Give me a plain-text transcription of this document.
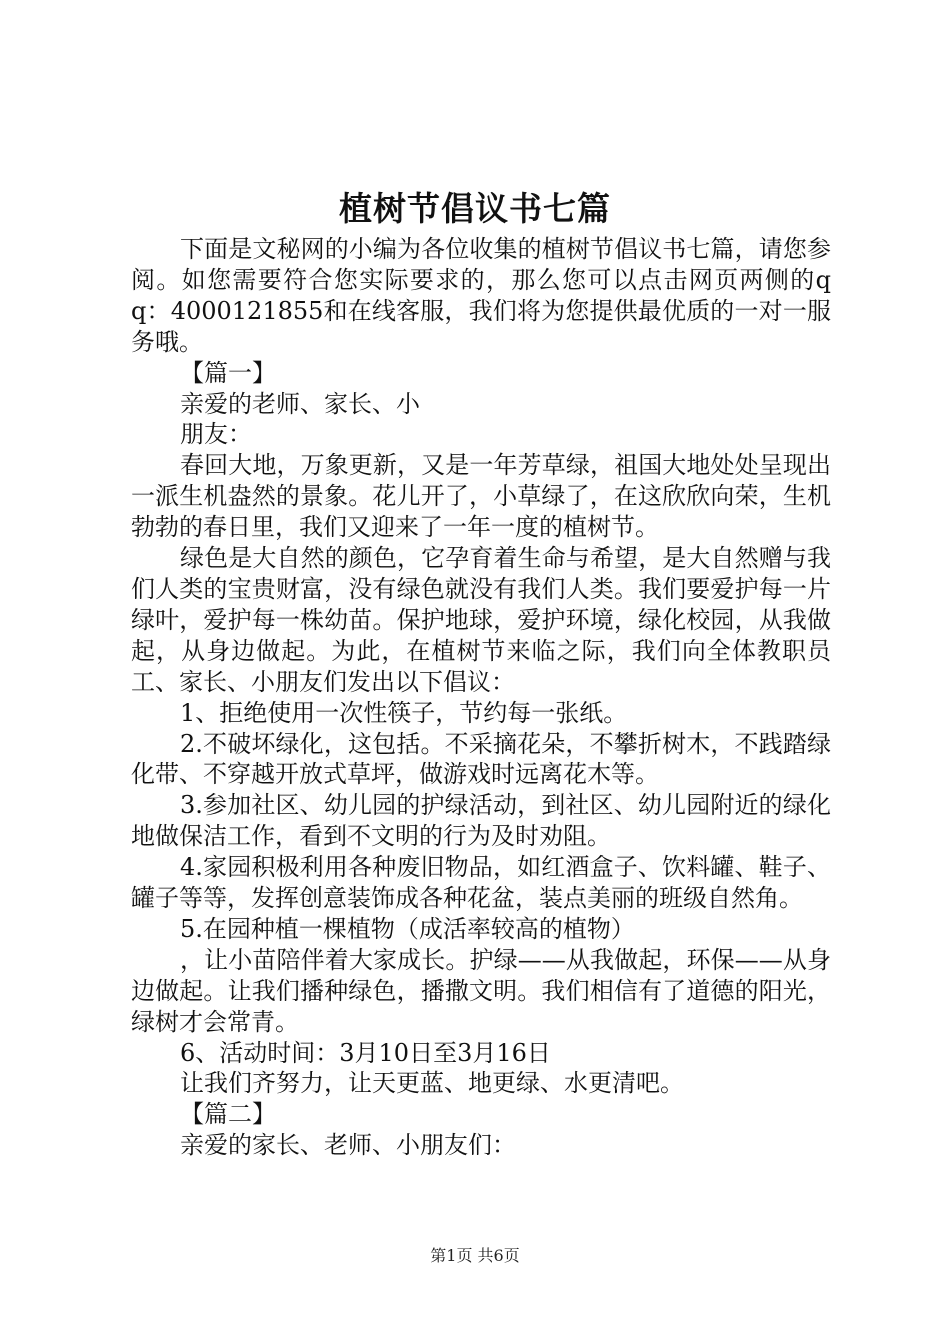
植树节倡议书七篇

下面是文秘网的小编为各位收集的植树节倡议书七篇，请您参阅。如您需要符合您实际要求的，那么您可以点击网页两侧的qq：4000121855和在线客服，我们将为您提供最优质的一对一服务哦。

【篇一】

亲爱的老师、家长、小

朋友：

春回大地，万象更新，又是一年芳草绿，祖国大地处处呈现出一派生机盎然的景象。花儿开了，小草绿了，在这欣欣向荣，生机勃勃的春日里，我们又迎来了一年一度的植树节。

绿色是大自然的颜色，它孕育着生命与希望，是大自然赠与我们人类的宝贵财富，没有绿色就没有我们人类。我们要爱护每一片绿叶，爱护每一株幼苗。保护地球，爱护环境，绿化校园，从我做起，从身边做起。为此，在植树节来临之际，我们向全体教职员工、家长、小朋友们发出以下倡议：

1、拒绝使用一次性筷子，节约每一张纸。

2.不破坏绿化，这包括。不采摘花朵，不攀折树木，不践踏绿化带、不穿越开放式草坪，做游戏时远离花木等。

3.参加社区、幼儿园的护绿活动，到社区、幼儿园附近的绿化地做保洁工作，看到不文明的行为及时劝阻。

4.家园积极利用各种废旧物品，如红酒盒子、饮料罐、鞋子、罐子等等，发挥创意装饰成各种花盆，装点美丽的班级自然角。

5.在园种植一棵植物（成活率较高的植物）

，让小苗陪伴着大家成长。护绿——从我做起，环保——从身边做起。让我们播种绿色，播撒文明。我们相信有了道德的阳光，绿树才会常青。

6、活动时间：3月10日至3月16日

让我们齐努力，让天更蓝、地更绿、水更清吧。

【篇二】

亲爱的家长、老师、小朋友们：

第1页 共6页
